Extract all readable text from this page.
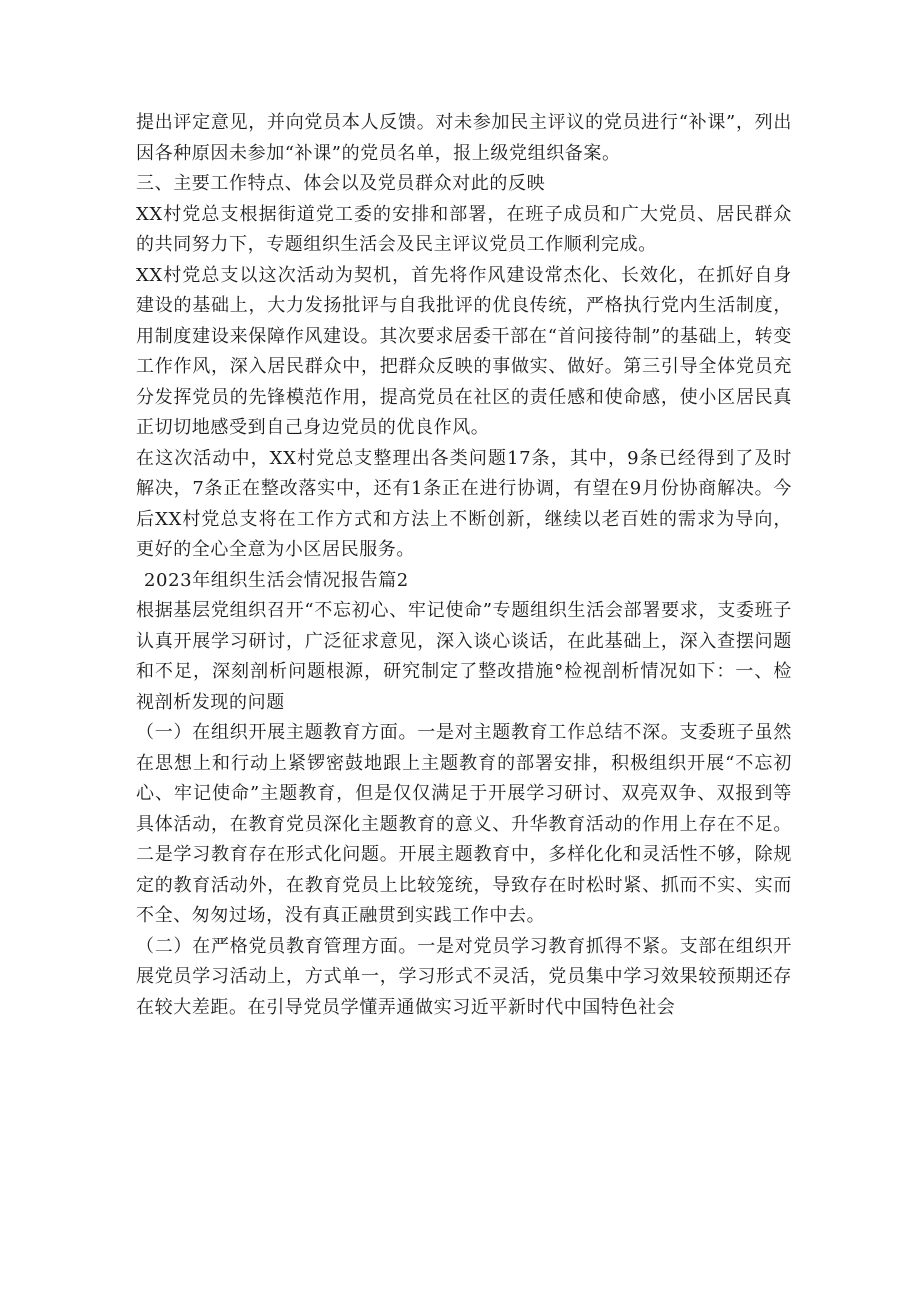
提出评定意见，并向党员本人反馈。对未参加民主评议的党员进行“补课”，列出因各种原因未参加“补课”的党员名单，报上级党组织备案。

三、主要工作特点、体会以及党员群众对此的反映

XX村党总支根据街道党工委的安排和部署，在班子成员和广大党员、居民群众的共同努力下，专题组织生活会及民主评议党员工作顺利完成。

XX村党总支以这次活动为契机，首先将作风建设常杰化、长效化，在抓好自身建设的基础上，大力发扬批评与自我批评的优良传统，严格执行党内生活制度，用制度建设来保障作风建设。其次要求居委干部在“首问接待制”的基础上，转变工作作风，深入居民群众中，把群众反映的事做实、做好。第三引导全体党员充分发挥党员的先锋模范作用，提高党员在社区的责任感和使命感，使小区居民真正切切地感受到自己身边党员的优良作风。

在这次活动中，XX村党总支整理出各类问题17条，其中，9条已经得到了及时解决，7条正在整改落实中，还有1条正在进行协调，有望在9月份协商解决。今后XX村党总支将在工作方式和方法上不断创新，继续以老百姓的需求为导向，更好的全心全意为小区居民服务。

2023年组织生活会情况报告篇2

根据基层党组织召开“不忘初心、牢记使命”专题组织生活会部署要求，支委班子认真开展学习研讨，广泛征求意见，深入谈心谈话，在此基础上，深入查摆问题和不足，深刻剖析问题根源，研究制定了整改措施°检视剖析情况如下：一、检视剖析发现的问题

（一）在组织开展主题教育方面。一是对主题教育工作总结不深。支委班子虽然在思想上和行动上紧锣密鼓地跟上主题教育的部署安排，积极组织开展“不忘初心、牢记使命”主题教育，但是仅仅满足于开展学习研讨、双亮双争、双报到等具体活动，在教育党员深化主题教育的意义、升华教育活动的作用上存在不足。二是学习教育存在形式化问题。开展主题教育中，多样化化和灵活性不够，除规定的教育活动外，在教育党员上比较笼统，导致存在时松时紧、抓而不实、实而不全、匆匆过场，没有真正融贯到实践工作中去。

（二）在严格党员教育管理方面。一是对党员学习教育抓得不紧。支部在组织开展党员学习活动上，方式单一，学习形式不灵活，党员集中学习效果较预期还存在较大差距。在引导党员学懂弄通做实习近平新时代中国特色社会
